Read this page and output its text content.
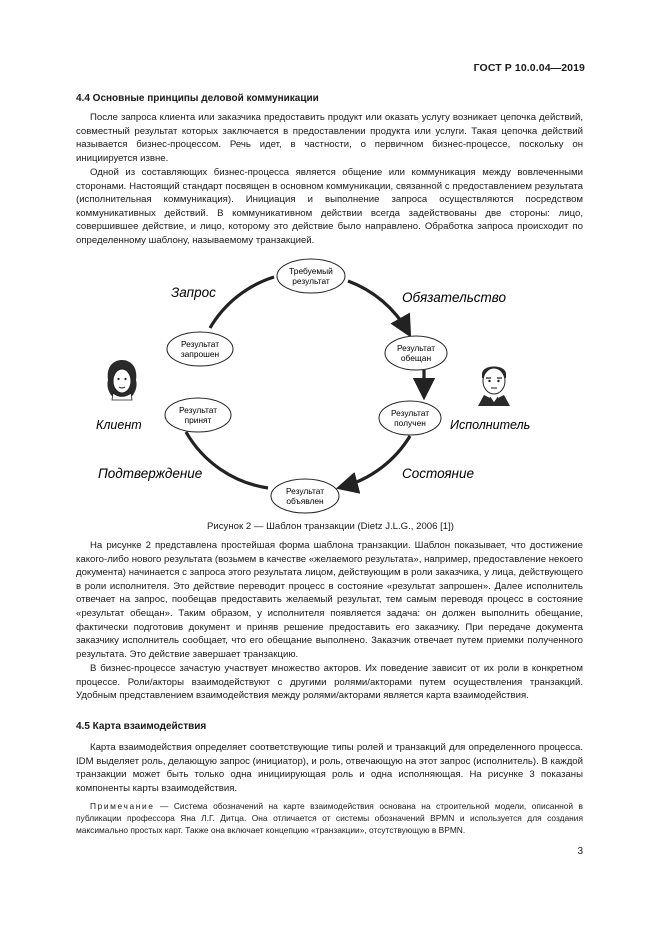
ГОСТ Р 10.0.04—2019
4.4 Основные принципы деловой коммуникации

После запроса клиента или заказчика предоставить продукт или оказать услугу возникает цепочка действий, совместный результат которых заключается в предоставлении продукта или услуги. Такая цепочка действий называется бизнес-процессом. Речь идет, в частности, о первичном бизнес-процессе, поскольку он инициируется извне.

Одной из составляющих бизнес-процесса является общение или коммуникация между вовлеченными сторонами. Настоящий стандарт посвящен в основном коммуникации, связанной с предоставлением результата (исполнительная коммуникация). Инициация и выполнение запроса осуществляются посредством коммуникативных действий. В коммуникативном действии всегда задействованы две стороны: лицо, совершившее действие, и лицо, которому это действие было направлено. Обработка запроса происходит по определенному шаблону, называемому транзакцией.

Требуемый
результат
Результат
запрошен
Результат
обещан
Результат
получен
Результат
принят
Результат
объявлен
Запрос	Обязательство
Состояние
Подтверждение
Клиент	Исполнитель
Рисунок 2 — Шаблон транзакции (Dietz J.L.G., 2006 [1])

На рисунке 2 представлена простейшая форма шаблона транзакции. Шаблон показывает, что достижение какого-либо нового результата (возьмем в качестве «желаемого результата», например, предоставление некоего документа) начинается с запроса этого результата лицом, действующим в роли заказчика, у лица, действующего в роли исполнителя. Это действие переводит процесс в состояние «результат запрошен». Далее исполнитель отвечает на запрос, пообещав предоставить желаемый результат, тем самым переводя процесс в состояние «результат обещан». Таким образом, у исполнителя появляется задача: он должен выполнить обещание, фактически подготовив документ и приняв решение предоставить его заказчику. При передаче документа заказчику исполнитель сообщает, что его обещание выполнено. Заказчик отвечает путем приемки полученного результата. Это действие завершает транзакцию.

В бизнес-процессе зачастую участвует множество акторов. Их поведение зависит от их роли в конкретном процессе. Роли/акторы взаимодействуют с другими ролями/акторами путем осуществления транзакций. Удобным представлением взаимодействия между ролями/акторами является карта взаимодействия.

4.5 Карта взаимодействия

Карта взаимодействия определяет соответствующие типы ролей и транзакций для определенного процесса. IDM выделяет роль, делающую запрос (инициатор), и роль, отвечающую на этот запрос (исполнитель). В каждой транзакции может быть только одна инициирующая роль и одна исполняющая. На рисунке 3 показаны компоненты карты взаимодействия.

Примечание — Система обозначений на карте взаимодействия основана на строительной модели, описанной в публикации профессора Яна Л.Г. Дитца. Она отличается от системы обозначений BPMN и используется для создания максимально простых карт. Также она включает концепцию «транзакции», отсутствующую в BPMN.

3
